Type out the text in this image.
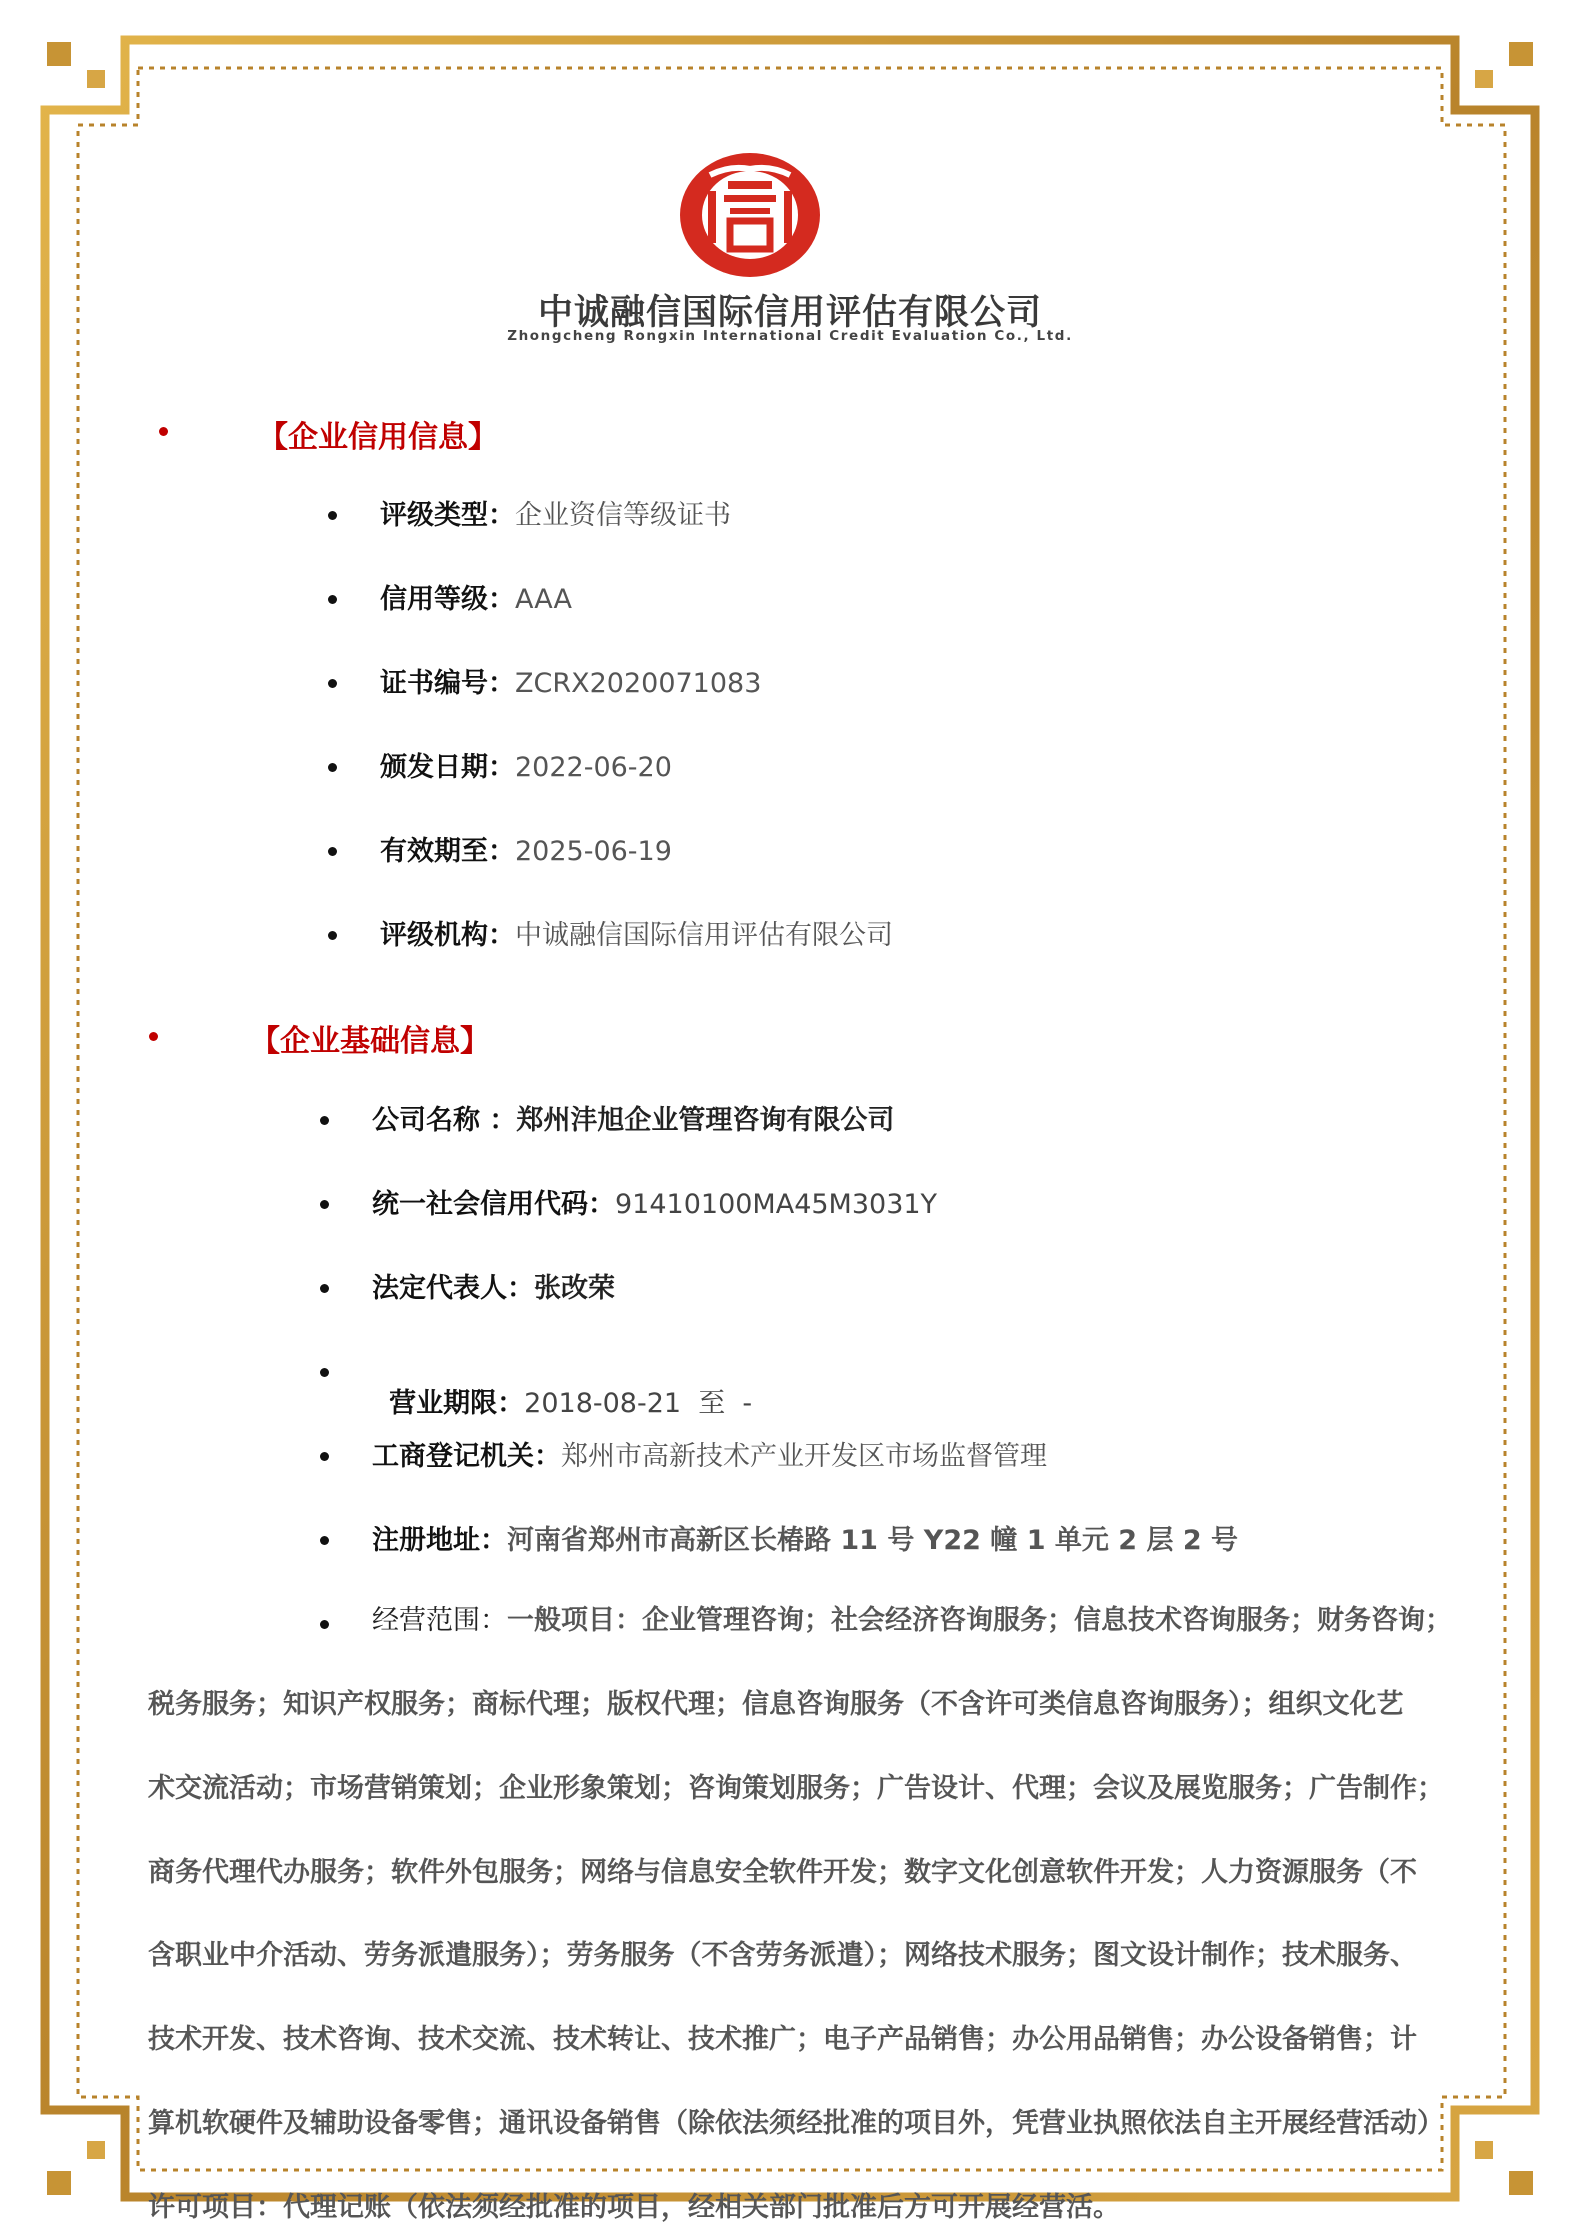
中诚融信国际信用评估有限公司
Zhongcheng Rongxin International Credit Evaluation Co., Ltd.
【企业信用信息】
评级类型：企业资信等级证书
信用等级：AAA
证书编号：ZCRX2020071083
颁发日期：2022-06-20
有效期至：2025-06-19
评级机构：中诚融信国际信用评估有限公司
【企业基础信息】
公司名称 ：郑州沣旭企业管理咨询有限公司
统一社会信用代码：91410100MA45M3031Y
法定代表人：张改荣

营业期限：2018-08-21  至  -

工商登记机关：郑州市高新技术产业开发区市场监督管理
注册地址：河南省郑州市高新区长椿路 11 号 Y22 幢 1 单元 2 层 2 号
经营范围：一般项目：企业管理咨询；社会经济咨询服务；信息技术咨询服务；财务咨询；
税务服务；知识产权服务；商标代理；版权代理；信息咨询服务（不含许可类信息咨询服务）；组织文化艺
术交流活动；市场营销策划；企业形象策划；咨询策划服务；广告设计、代理；会议及展览服务；广告制作；
商务代理代办服务；软件外包服务；网络与信息安全软件开发；数字文化创意软件开发；人力资源服务（不
含职业中介活动、劳务派遣服务）；劳务服务（不含劳务派遣）；网络技术服务；图文设计制作；技术服务、
技术开发、技术咨询、技术交流、技术转让、技术推广；电子产品销售；办公用品销售；办公设备销售；计
算机软硬件及辅助设备零售；通讯设备销售（除依法须经批准的项目外，凭营业执照依法自主开展经营活动）
许可项目：代理记账（依法须经批准的项目，经相关部门批准后方可开展经营活。
